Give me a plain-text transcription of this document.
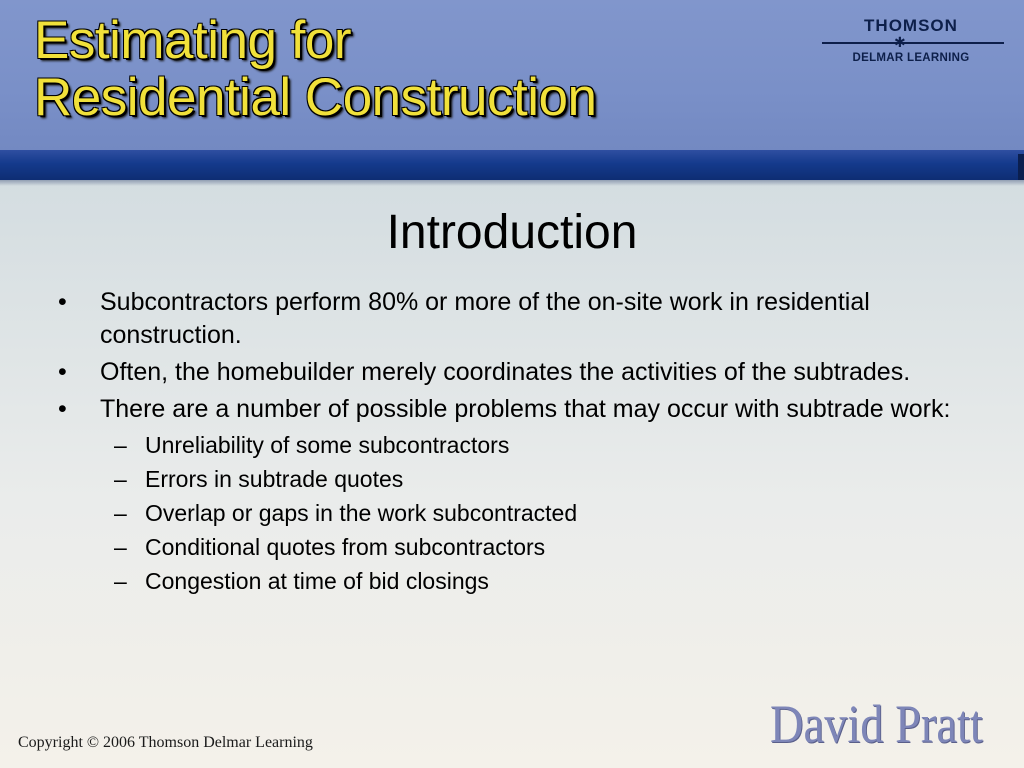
Estimating for
Residential Construction
THOMSON
✱
DELMAR LEARNING
Introduction
• Subcontractors perform 80% or more of the on-site work in residential construction.
• Often, the homebuilder merely coordinates the activities of the subtrades.
• There are a number of possible problems that may occur with subtrade work:
– Unreliability of some subcontractors
– Errors in subtrade quotes
– Overlap or gaps in the work subcontracted
– Conditional quotes from subcontractors
– Congestion at time of bid closings
Copyright © 2006 Thomson Delmar Learning	David Pratt
